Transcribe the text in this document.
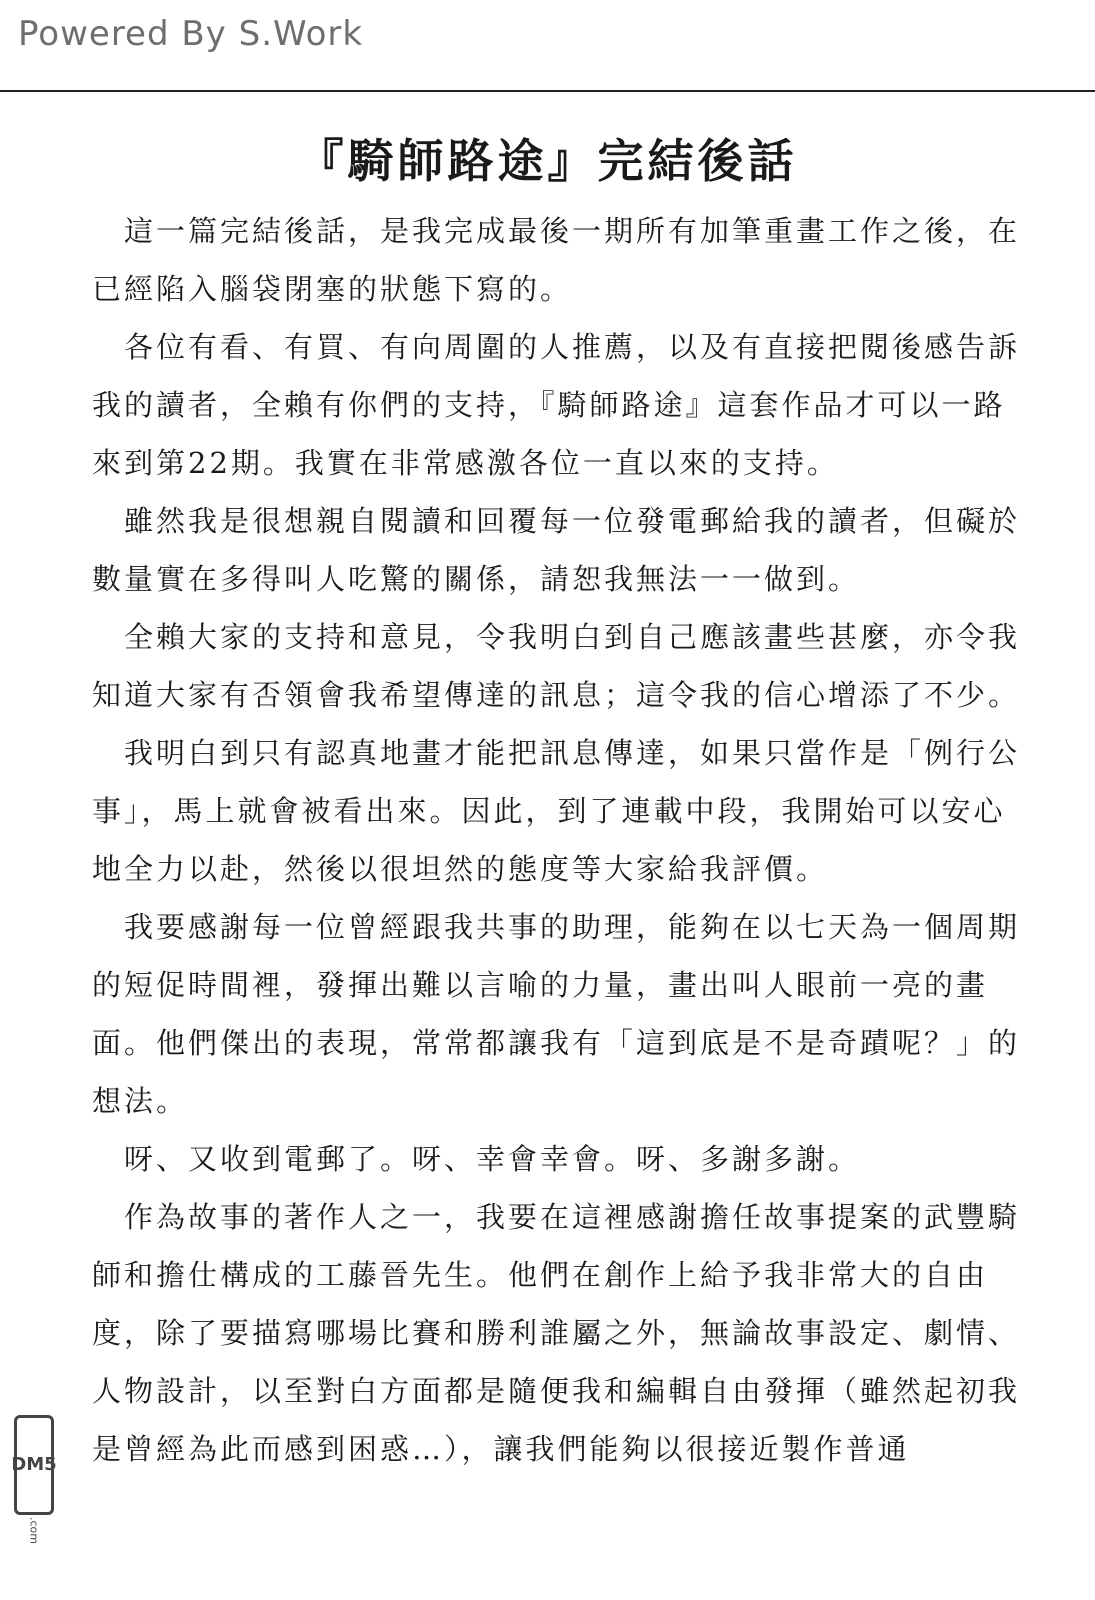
Powered By S.Work
『騎師路途』完結後話

這一篇完結後話，是我完成最後一期所有加筆重畫工作之後，在已經陷入腦袋閉塞的狀態下寫的。

各位有看、有買、有向周圍的人推薦，以及有直接把閱後感告訴我的讀者，全賴有你們的支持，『騎師路途』這套作品才可以一路來到第22期。我實在非常感激各位一直以來的支持。

雖然我是很想親自閱讀和回覆每一位發電郵給我的讀者，但礙於數量實在多得叫人吃驚的關係，請恕我無法一一做到。

全賴大家的支持和意見，令我明白到自己應該畫些甚麼，亦令我知道大家有否領會我希望傳達的訊息；這令我的信心增添了不少。

我明白到只有認真地畫才能把訊息傳達，如果只當作是「例行公事」，馬上就會被看出來。因此，到了連載中段，我開始可以安心地全力以赴，然後以很坦然的態度等大家給我評價。

我要感謝每一位曾經跟我共事的助理，能夠在以七天為一個周期的短促時間裡，發揮出難以言喻的力量，畫出叫人眼前一亮的畫面。他們傑出的表現，常常都讓我有「這到底是不是奇蹟呢？」的想法。

呀、又收到電郵了。呀、幸會幸會。呀、多謝多謝。

作為故事的著作人之一，我要在這裡感謝擔任故事提案的武豐騎師和擔仕構成的工藤晉先生。他們在創作上給予我非常大的自由度，除了要描寫哪場比賽和勝利誰屬之外，無論故事設定、劇情、人物設計，以至對白方面都是隨便我和編輯自由發揮（雖然起初我是曾經為此而感到困惑…），讓我們能夠以很接近製作普通

DM5
.com
